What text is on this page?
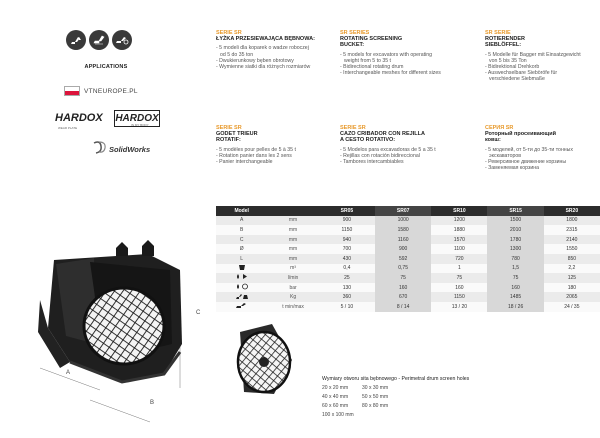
APPLICATIONS
VTNEUROPE.PL
HARDOX
WEAR PLATE
HARDOX
IN MY BODY
SolidWorks
SERIE SR
ŁYŻKA PRZESIEWAJĄCA BĘBNOWA:
- 5 modeli dla koparek o wadze roboczej
od 5 do 35 ton
- Dwukierunkowy bęben obrotowy
- Wymienne siatki dla różnych rozmiarów
SR SERIES
ROTATING SCREENING
BUCKET:
- 5 models for excavators with operating
weight from 5 to 35 t
- Bidirectional rotating drum
- Interchangeable meshes for different sizes
SR SERIE
ROTIERENDER
SIEBLÖFFEL:
- 5 Modelle für Bagger mit Einsatzgewicht
von 5 bis 35 Ton
- Bidirektional Drehkorb
- Auswechselbare Sieböröfe für
verschiedene Siebmaße
SERIE SR
GODET TRIEUR
ROTATIF:
- 5 modèles pour pelles de 5 à 35 t
- Rotation panier dans les 2 sens
- Panier interchangeable
SERIE SR
CAZO CRIBADOR CON REJILLA
A CESTO ROTATIVO:
- 5 Modelos para excavadoras de 5 a 35 t
- Rejillas con rotación bidireccional
- Tambores intercambiables
СЕРИЯ SR
Роторный просеивающий
ковш:
- 5 моделей, от 5-ти до 35-ти тонных
экскаваторов
- Реверсивное движение корзины
- Заменяемая корзина
A
B
C
Model		SR05	SR07	SR10	SR15	SR20
A	mm	900	1000	1200	1500	1800
B	mm	1150	1580	1880	2010	2315
C	mm	940	1160	1570	1780	2140
Ø	mm	700	900	1100	1300	1550
L	mm	430	592	720	780	850
	m³	0,4	0,75	1	1,5	2,2
	l/min	25	75	75	75	125
	bar	130	160	160	160	180
	Kg	360	670	1150	1485	2065
	t min/max	5 / 10	8 / 14	13 / 20	18 / 26	24 / 35
Wymiary otworu sita bębnowego - Perimetral drum screen holes
20 x 20 mm	30 x 30 mm
40 x 40 mm	50 x 50 mm
60 x 60 mm	80 x 80 mm
100 x 100 mm
